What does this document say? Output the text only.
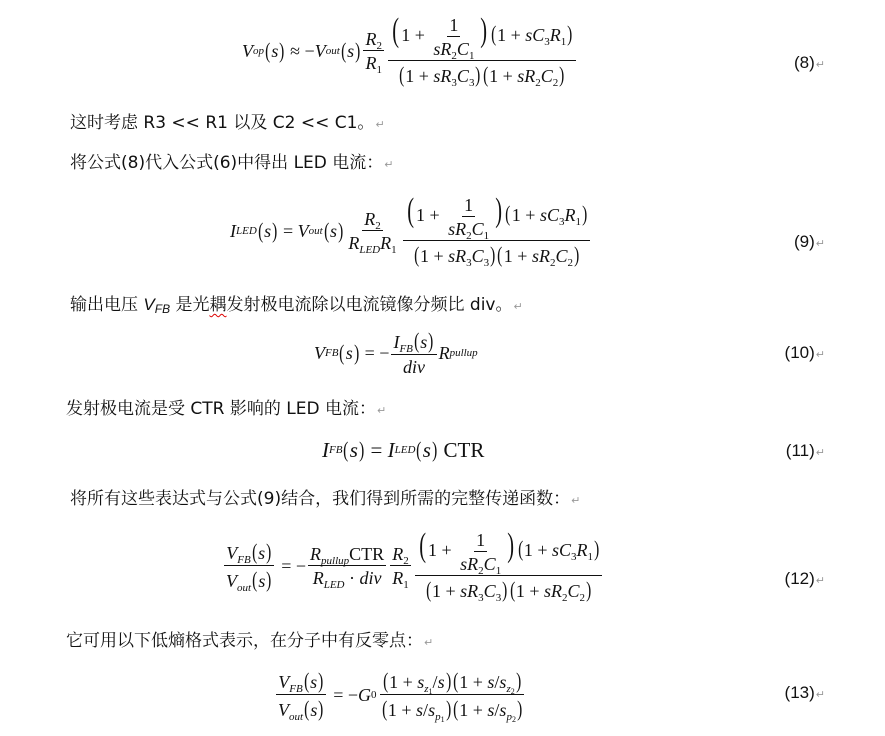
V op ( s ) ≈ − V out ( s ) $\frac{R_2}{R_1} \frac{( 1 + \frac{1}{sR_2C_1} ) (1 + sC_3R_1)}{(1 + sR_3C_3)(1 + sR_2C_2)}$	(8)↵
这时考虑 R3 << R1 以及 C2 << C1。↵
将公式(8)代入公式(6)中得出 LED 电流：↵
I LED ( s ) = V out ( s ) $\frac{R_2}{R_{LED}R_1} \frac{( 1 + \frac{1}{sR_2C_1} ) (1 + sC_3R_1)}{(1 + sR_3C_3)(1 + sR_2C_2)}$	(9)↵
输出电压 $V_{FB}$ 是光耦发射极电流除以电流镜像分频比 div。↵
V FB ( s ) = − $\frac{I_{FB}(s)}{\text{div}}$ R pullup	(10)↵
发射极电流是受 CTR 影响的 LED 电流：↵
I FB ( s ) = I LED ( s ) CTR	(11)↵
将所有这些表达式与公式(9)结合，我们得到所需的完整传递函数：↵
$\frac{V_{FB}(s)}{V_{out}(s)}$ = − $\frac{R_{pullup}CTR}{R_{LED} \cdot div} \frac{R_2}{R_1} \frac{( 1 + \frac{1}{sR_2C_1} ) (1 + sC_3R_1)}{(1 + sR_3C_3)(1 + sR_2C_2)}$	(12)↵
它可用以下低熵格式表示，在分子中有反零点：↵
$\frac{V_{FB}(s)}{V_{out}(s)}$ = − G $0 \frac{(1 + s_{z_1}/s)(1 + s/s_{z_2})}{(1 + s/s_{p_1})(1 + s/s_{p_2})}$	(13)↵
